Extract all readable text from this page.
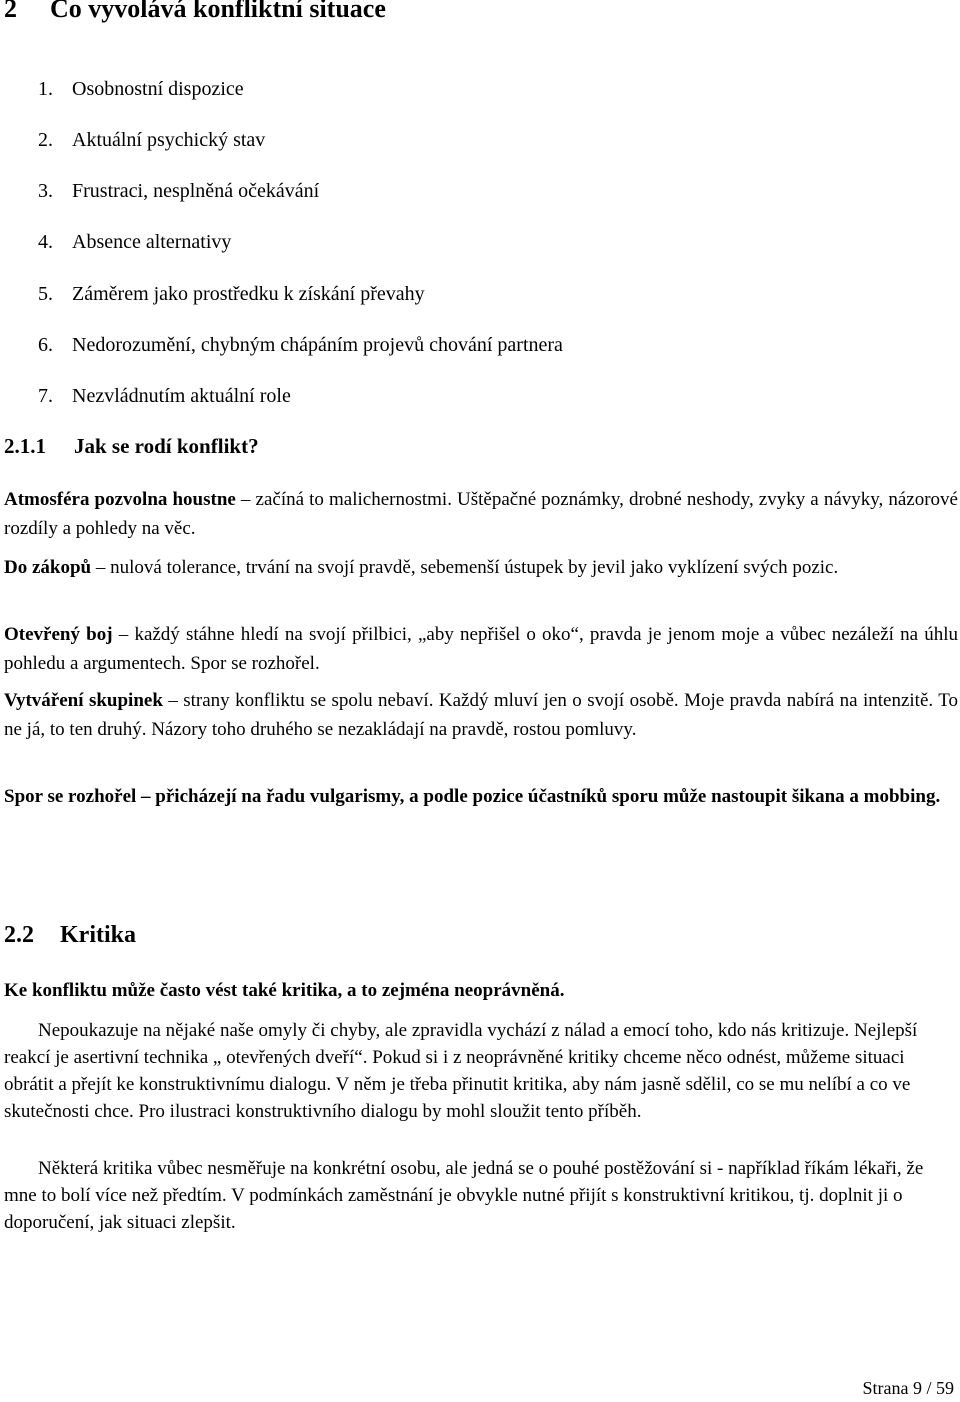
2 Co vyvolává konfliktní situace
1. Osobnostní dispozice
2. Aktuální psychický stav
3. Frustraci, nesplněná očekávání
4. Absence alternativy
5. Záměrem jako prostředku k získání převahy
6. Nedorozumění, chybným chápáním projevů chování partnera
7. Nezvládnutím aktuální role
2.1.1 Jak se rodí konflikt?
Atmosféra pozvolna houstne – začíná to malichernostmi. Uštěpačné poznámky, drobné neshody, zvyky a návyky, názorové rozdíly a pohledy na věc.
Do zákopů – nulová tolerance, trvání na svojí pravdě, sebemenší ústupek by jevil jako vyklízení svých pozic.
Otevřený boj – každý stáhne hledí na svojí přilbici, „aby nepřišel o oko“, pravda je jenom moje a vůbec nezáleží na úhlu pohledu a argumentech. Spor se rozhořel.
Vytváření skupinek – strany konfliktu se spolu nebaví. Každý mluví jen o svojí osobě. Moje pravda nabírá na intenzitě. To ne já, to ten druhý. Názory toho druhého se nezakládají na pravdě, rostou pomluvy.
Spor se rozhořel – přicházejí na řadu vulgarismy, a podle pozice účastníků sporu může nastoupit šikana a mobbing.
2.2 Kritika
Ke konfliktu může často vést také kritika, a to zejména neoprávněná.
Nepoukazuje na nějaké naše omyly či chyby, ale zpravidla vychází z nálad a emocí toho, kdo nás kritizuje. Nejlepší reakcí je asertivní technika „ otevřených dveří“. Pokud si i z neoprávněné kritiky chceme něco odnést, můžeme situaci obrátit a přejít ke konstruktivnímu dialogu. V něm je třeba přinutit kritika, aby nám jasně sdělil, co se mu nelíbí a co ve skutečnosti chce. Pro ilustraci konstruktivního dialogu by mohl sloužit tento příběh.
Některá kritika vůbec nesměřuje na konkrétní osobu, ale jedná se o pouhé postěžování si - například říkám lékaři, že mne to bolí více než předtím. V podmínkách zaměstnání je obvykle nutné přijít s konstruktivní kritikou, tj. doplnit ji o doporučení, jak situaci zlepšit.
Strana 9 / 59
